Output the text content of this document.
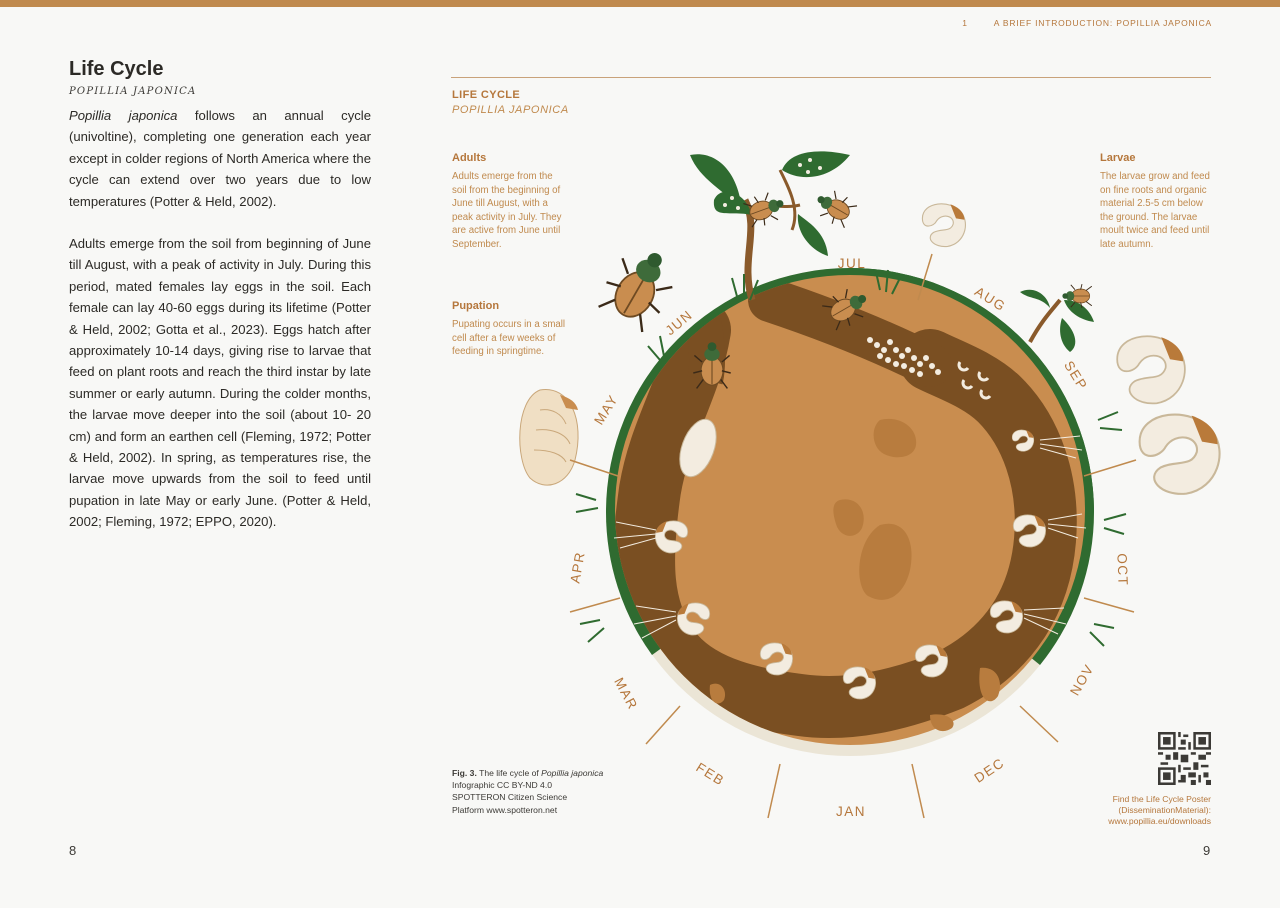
1	A BRIEF INTRODUCTION: POPILLIA JAPONICA
Life Cycle
POPILLIA JAPONICA

Popillia japonica follows an annual cycle (univoltine), completing one generation each year except in colder regions of North America where the cycle can extend over two years due to low temperatures (Potter & Held, 2002).

Adults emerge from the soil from beginning of June till August, with a peak of activity in July. During this period, mated females lay eggs in the soil. Each female can lay 40-60 eggs during its lifetime (Potter & Held, 2002; Gotta et al., 2023). Eggs hatch after approximately 10-14 days, giving rise to larvae that feed on plant roots and reach the third instar by late summer or early autumn. During the colder months, the larvae move deeper into the soil (about 10- 20 cm) and form an earthen cell (Fleming, 1972; Potter & Held, 2002). In spring, as temperatures rise, the larvae move upwards from the soil to feed until pupation in late May or early June. (Potter & Held, 2002; Fleming, 1972; EPPO, 2020).

8
LIFE CYCLE
POPILLIA JAPONICA
Adults

Adults emerge from the soil from the beginning of June till August, with a peak activity in July. They are active from June until September.

Pupation

Pupating occurs in a small cell after a few weeks of feeding in springtime.

Larvae

The larvae grow and feed on fine roots and organic material 2.5-5 cm below the ground. The larvae moult twice and feed until late autumn.

JAN
FEB
MAR
APR
MAY
JUN
JUL
AUG
SEP
OCT
NOV
DEC
Fig. 3. The life cycle of Popillia japonica
Infographic CC BY-ND 4.0
SPOTTERON Citizen Science
Platform www.spotteron.net
Find the Life Cycle Poster
(DisseminationMaterial):
www.popillia.eu/downloads
9
